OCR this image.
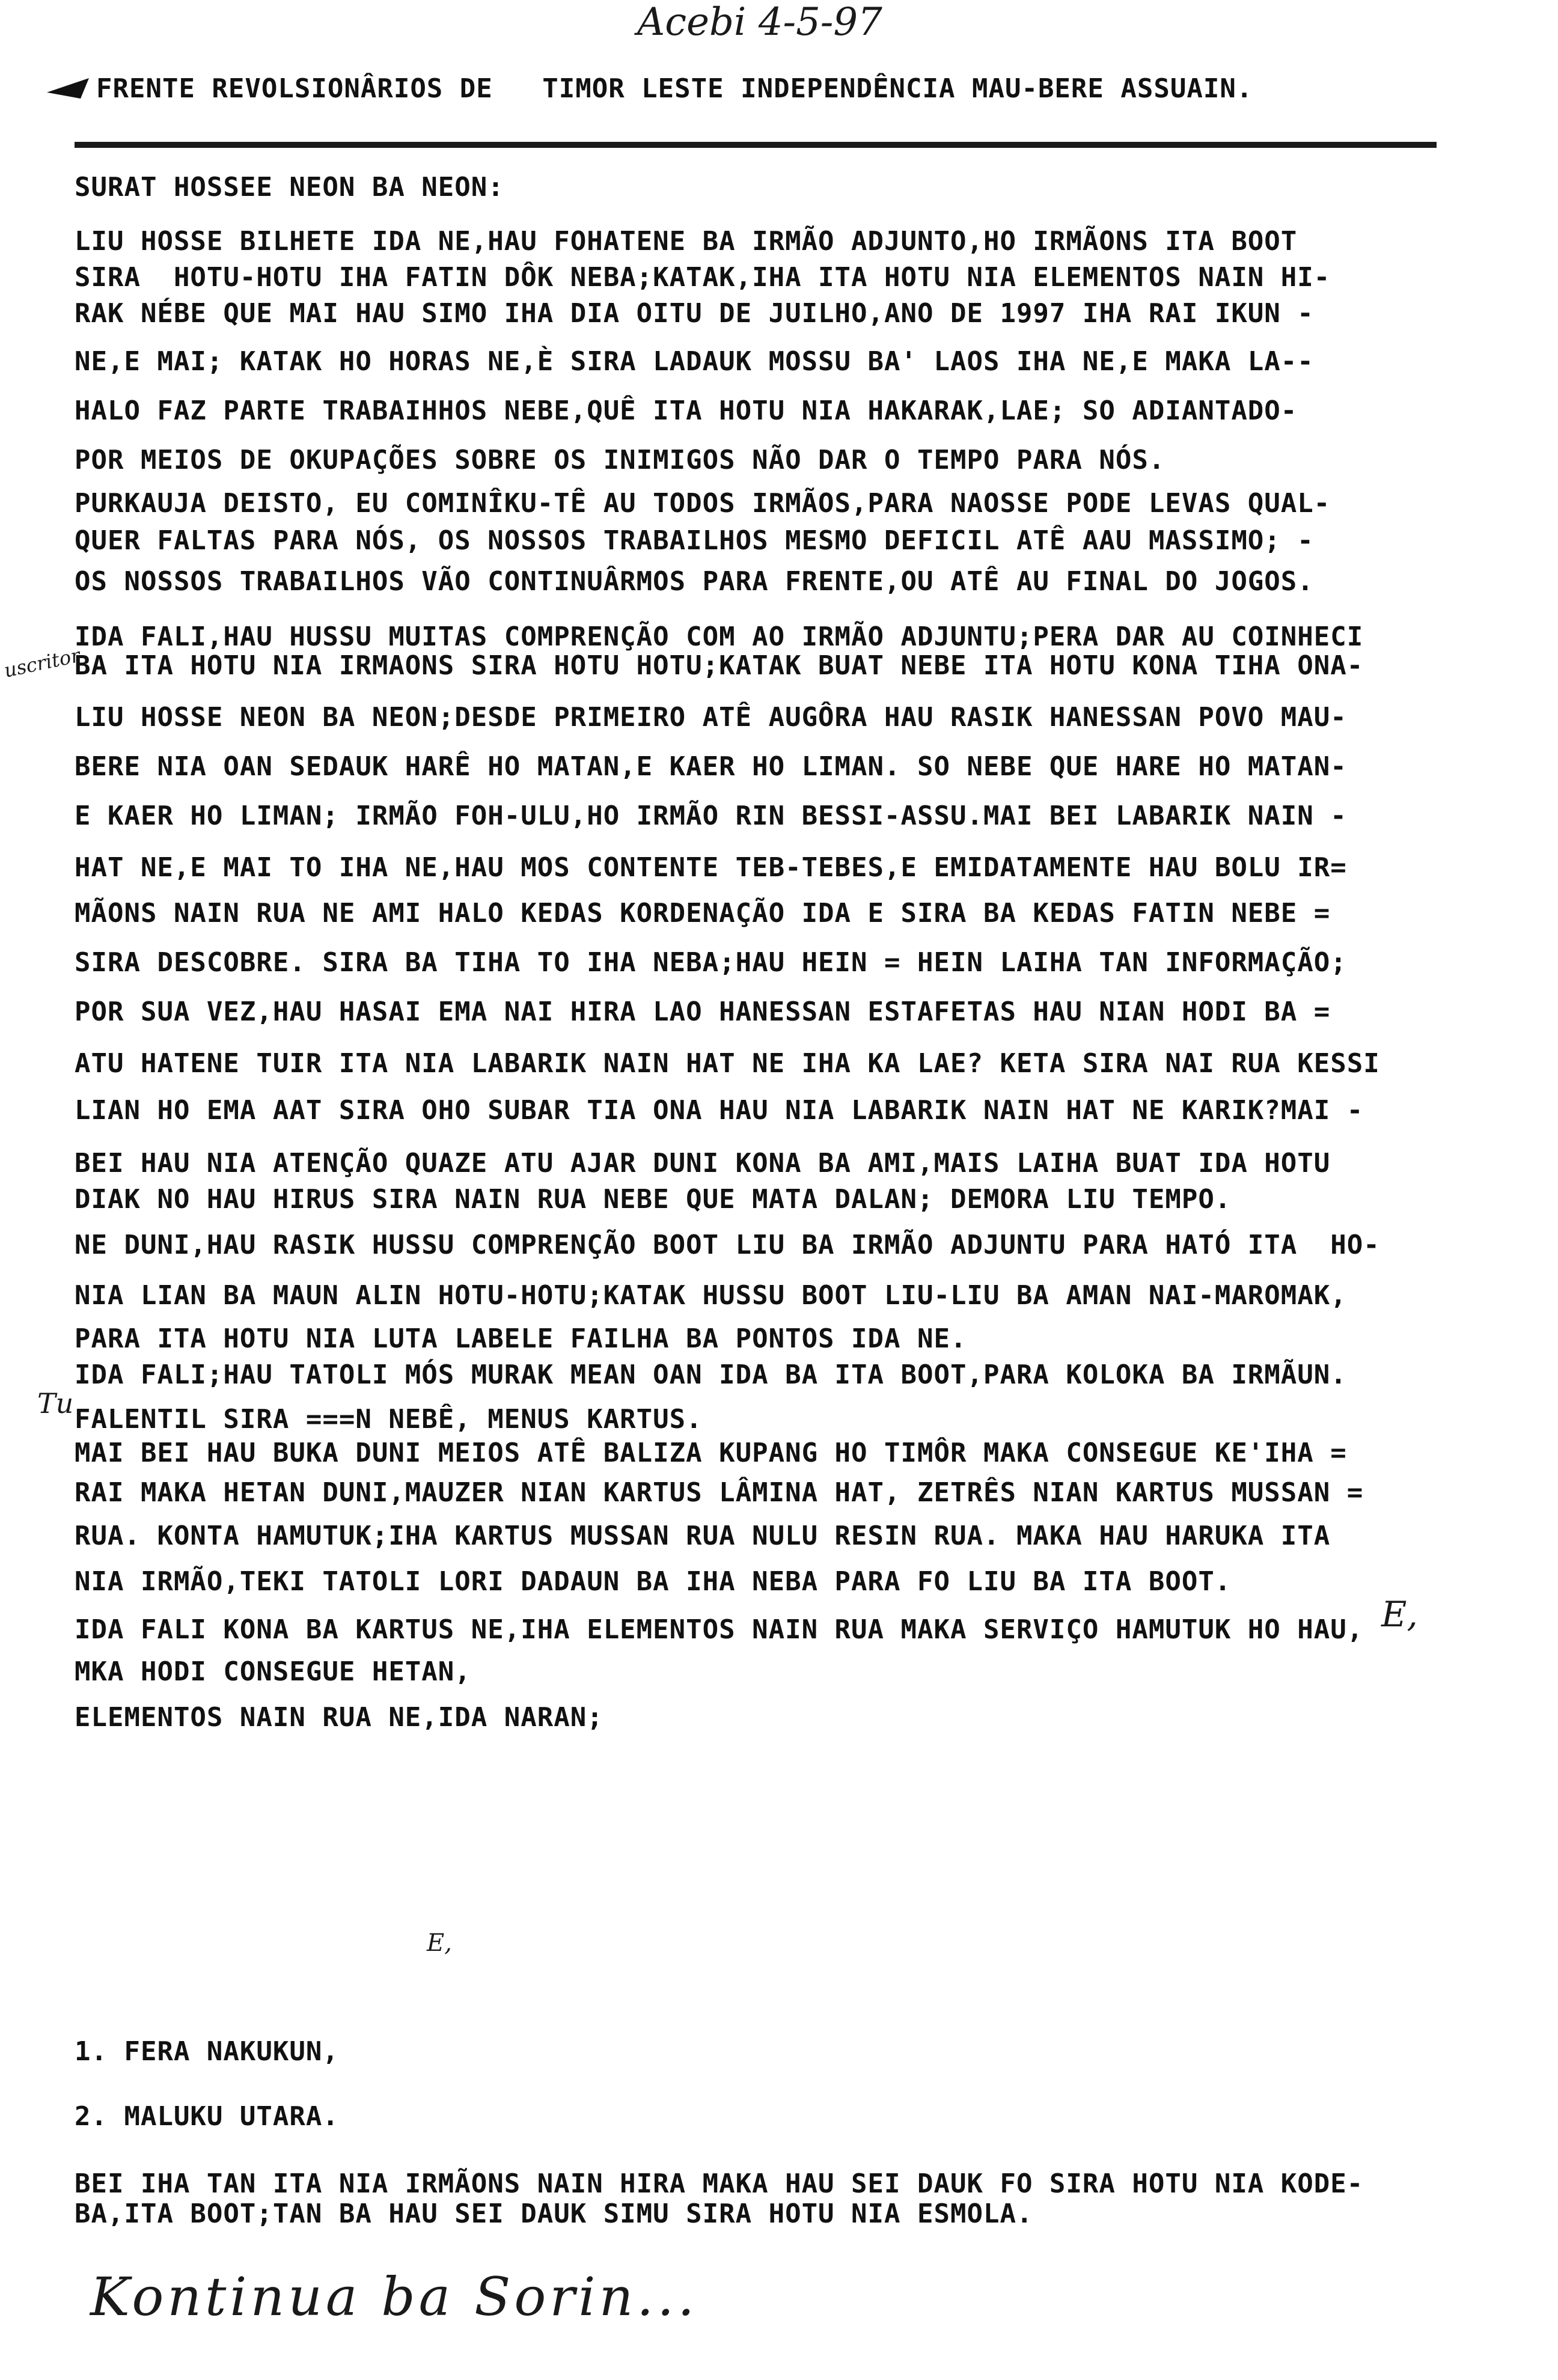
Acebi 4-5-97
FRENTE REVOLSIONÂRIOS DE   TIMOR LESTE INDEPENDÊNCIA MAU-BERE ASSUAIN.
SURAT HOSSEE NEON BA NEON:
LIU HOSSE BILHETE IDA NE,HAU FOHATENE BA IRMÃO ADJUNTO,HO IRMÃONS ITA BOOT
SIRA  HOTU-HOTU IHA FATIN DÔK NEBA;KATAK,IHA ITA HOTU NIA ELEMENTOS NAIN HI-
RAK NÉBE QUE MAI HAU SIMO IHA DIA OITU DE JUILHO,ANO DE 1997 IHA RAI IKUN -
NE,E MAI; KATAK HO HORAS NE,È SIRA LADAUK MOSSU BA' LAOS IHA NE,E MAKA LA--
HALO FAZ PARTE TRABAIHHOS NEBE,QUÊ ITA HOTU NIA HAKARAK,LAE; SO ADIANTADO-
POR MEIOS DE OKUPAÇÕES SOBRE OS INIMIGOS NÃO DAR O TEMPO PARA NÓS.
PURKAUJA DEISTO, EU COMINÎKU-TÊ AU TODOS IRMÃOS,PARA NAOSSE PODE LEVAS QUAL-
QUER FALTAS PARA NÓS, OS NOSSOS TRABAILHOS MESMO DEFICIL ATÊ AAU MASSIMO; -
OS NOSSOS TRABAILHOS VÃO CONTINUÂRMOS PARA FRENTE,OU ATÊ AU FINAL DO JOGOS.
IDA FALI,HAU HUSSU MUITAS COMPRENÇÃO COM AO IRMÃO ADJUNTU;PERA DAR AU COINHECI
BA ITA HOTU NIA IRMAONS SIRA HOTU HOTU;KATAK BUAT NEBE ITA HOTU KONA TIHA ONA-
LIU HOSSE NEON BA NEON;DESDE PRIMEIRO ATÊ AUGÔRA HAU RASIK HANESSAN POVO MAU-
BERE NIA OAN SEDAUK HARÊ HO MATAN,E KAER HO LIMAN. SO NEBE QUE HARE HO MATAN-
E KAER HO LIMAN; IRMÃO FOH-ULU,HO IRMÃO RIN BESSI-ASSU.MAI BEI LABARIK NAIN -
HAT NE,E MAI TO IHA NE,HAU MOS CONTENTE TEB-TEBES,E EMIDATAMENTE HAU BOLU IR=
MÃONS NAIN RUA NE AMI HALO KEDAS KORDENAÇÃO IDA E SIRA BA KEDAS FATIN NEBE =
SIRA DESCOBRE. SIRA BA TIHA TO IHA NEBA;HAU HEIN = HEIN LAIHA TAN INFORMAÇÃO;
POR SUA VEZ,HAU HASAI EMA NAI HIRA LAO HANESSAN ESTAFETAS HAU NIAN HODI BA =
ATU HATENE TUIR ITA NIA LABARIK NAIN HAT NE IHA KA LAE? KETA SIRA NAI RUA KESSI
LIAN HO EMA AAT SIRA OHO SUBAR TIA ONA HAU NIA LABARIK NAIN HAT NE KARIK?MAI -
BEI HAU NIA ATENÇÃO QUAZE ATU AJAR DUNI KONA BA AMI,MAIS LAIHA BUAT IDA HOTU
DIAK NO HAU HIRUS SIRA NAIN RUA NEBE QUE MATA DALAN; DEMORA LIU TEMPO.
NE DUNI,HAU RASIK HUSSU COMPRENÇÃO BOOT LIU BA IRMÃO ADJUNTU PARA HATÓ ITA  HO-
NIA LIAN BA MAUN ALIN HOTU-HOTU;KATAK HUSSU BOOT LIU-LIU BA AMAN NAI-MAROMAK,
PARA ITA HOTU NIA LUTA LABELE FAILHA BA PONTOS IDA NE.
IDA FALI;HAU TATOLI MÓS MURAK MEAN OAN IDA BA ITA BOOT,PARA KOLOKA BA IRMÃUN.
FALENTIL SIRA ===N NEBÊ, MENUS KARTUS.
MAI BEI HAU BUKA DUNI MEIOS ATÊ BALIZA KUPANG HO TIMÔR MAKA CONSEGUE KE'IHA =
RAI MAKA HETAN DUNI,MAUZER NIAN KARTUS LÂMINA HAT, ZETRÊS NIAN KARTUS MUSSAN =
RUA. KONTA HAMUTUK;IHA KARTUS MUSSAN RUA NULU RESIN RUA. MAKA HAU HARUKA ITA
NIA IRMÃO,TEKI TATOLI LORI DADAUN BA IHA NEBA PARA FO LIU BA ITA BOOT.
IDA FALI KONA BA KARTUS NE,IHA ELEMENTOS NAIN RUA MAKA SERVIÇO HAMUTUK HO HAU,
MKA HODI CONSEGUE HETAN,
ELEMENTOS NAIN RUA NE,IDA NARAN;
uscritor
Tu
E,
E,
1. FERA NAKUKUN,
2. MALUKU UTARA.
BEI IHA TAN ITA NIA IRMÃONS NAIN HIRA MAKA HAU SEI DAUK FO SIRA HOTU NIA KODE-
BA,ITA BOOT;TAN BA HAU SEI DAUK SIMU SIRA HOTU NIA ESMOLA.
Kontinua ba Sorin...
